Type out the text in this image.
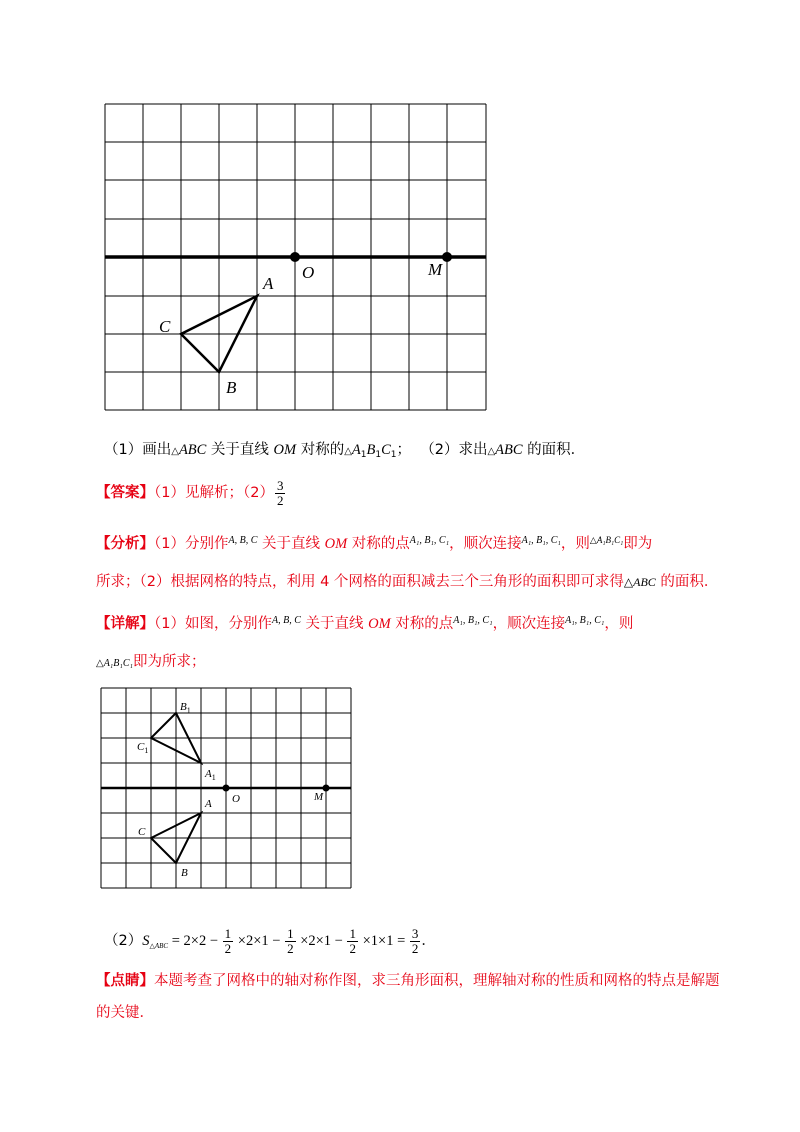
O	M
A
C
B
（1）画出△ABC 关于直线 OM 对称的$\triangle A_1B_1C_1$； （2）求出△ABC 的面积．
【答案】（1）见解析；$(2) \frac{3}{2}$
【分析】（1）分别作$^{A, B, C}$ 关于直线 OM 对称的点$^{A_1, B_1, C_1}$，顺次连接$^{A_1, B_1, C_1}$，则$^{\triangle A_1B_1C_1}$即为
所求；（2）根据网格的特点，利用 4 个网格的面积减去三个三角形的面积即可求得△ABC 的面积．
【详解】（1）如图，分别作$^{A, B, C}$ 关于直线 OM 对称的点$^{A_1, B_1, C_1}$，顺次连接$^{A_1, B_1, C_1}$，则
△A₁B₁C₁即为所求；
O	M
A
C
B
$A_1$
$B_1$
$C_1$
$(2)S_{\triangle ABC} = 2\times 2 - \frac{1}{2} \times 2\times 1 - \frac{1}{2} \times 2\times 1 - \frac{1}{2} \times 1\times 1 = \frac{3}{2}$ ．
【点睛】本题考查了网格中的轴对称作图，求三角形面积，理解轴对称的性质和网格的特点是解题
的关键．
